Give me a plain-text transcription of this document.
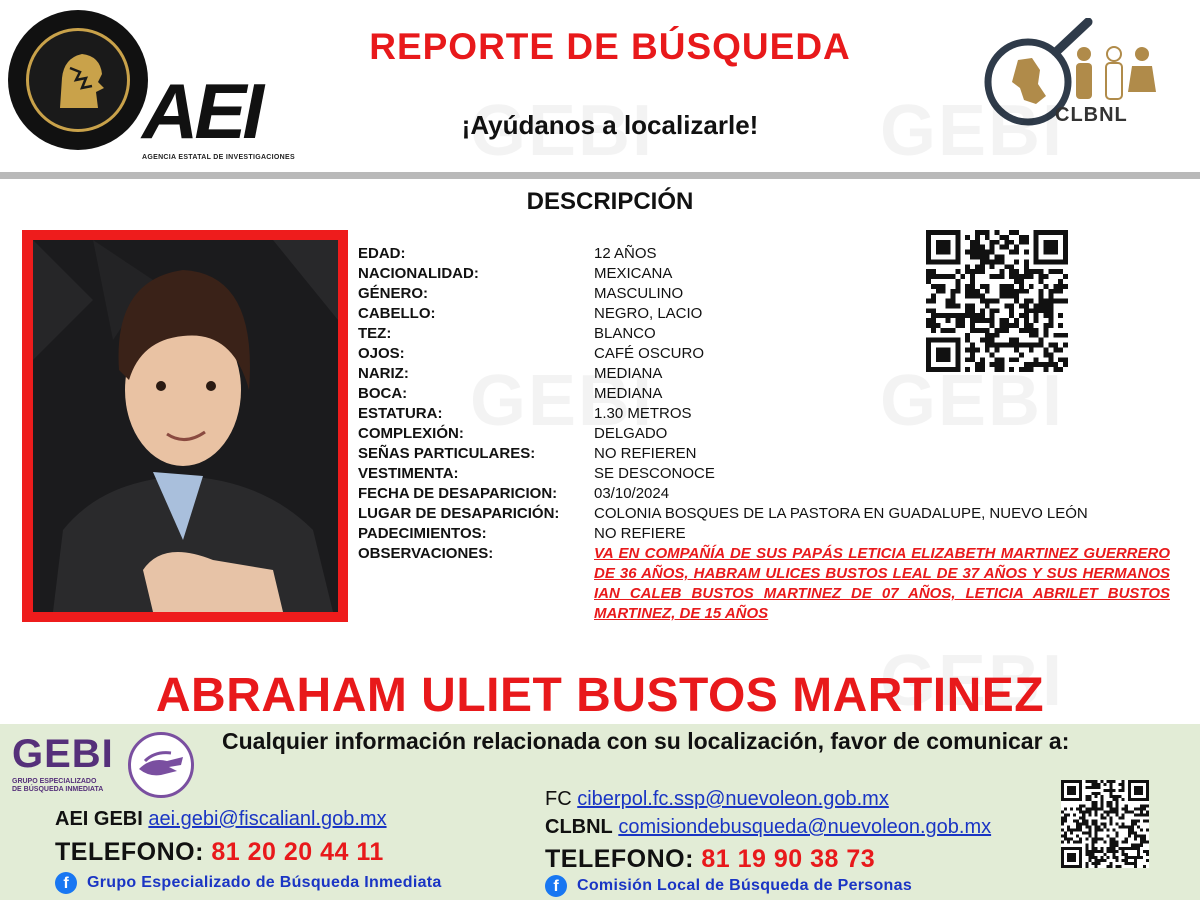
AEI
AGENCIA ESTATAL DE INVESTIGACIONES
REPORTE DE BÚSQUEDA
¡Ayúdanos a localizarle!	CLBNL
DESCRIPCIÓN
EDAD:	12 AÑOS
NACIONALIDAD:	MEXICANA
GÉNERO:	MASCULINO
CABELLO:	NEGRO, LACIO
TEZ:	BLANCO
OJOS:	CAFÉ OSCURO
NARIZ:	MEDIANA
BOCA:	MEDIANA
ESTATURA:	1.30 METROS
COMPLEXIÓN:	DELGADO
SEÑAS PARTICULARES:	NO REFIEREN
VESTIMENTA:	SE DESCONOCE
FECHA DE DESAPARICION:	03/10/2024
LUGAR DE DESAPARICIÓN:	COLONIA BOSQUES DE LA PASTORA EN GUADALUPE, NUEVO LEÓN
PADECIMIENTOS:	NO REFIERE
OBSERVACIONES:	VA EN COMPAÑÍA DE SUS PAPÁS LETICIA ELIZABETH MARTINEZ GUERRERO DE 36 AÑOS, HABRAM ULICES BUSTOS LEAL DE 37 AÑOS Y SUS HERMANOS IAN CALEB BUSTOS MARTINEZ DE 07 AÑOS, LETICIA ABRILET BUSTOS MARTINEZ, DE 15 AÑOS
ABRAHAM ULIET BUSTOS MARTINEZ
GEBI
GRUPO ESPECIALIZADO
DE BÚSQUEDA INMEDIATA
Cualquier información relacionada con su localización, favor de comunicar a:
AEI GEBI aei.gebi@fiscalianl.gob.mx
TELEFONO: 81 20 20 44 11
f Grupo Especializado de Búsqueda Inmediata
FC ciberpol.fc.ssp@nuevoleon.gob.mx
CLBNL comisiondebusqueda@nuevoleon.gob.mx
TELEFONO: 81 19 90 38 73
f Comisión Local de Búsqueda de Personas
